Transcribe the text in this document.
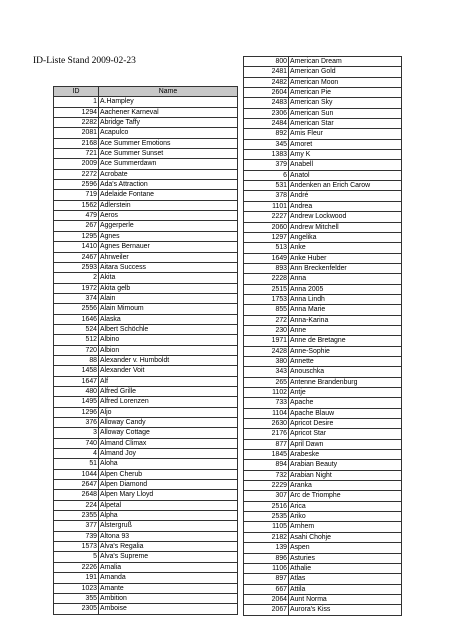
ID-Liste Stand 2009-02-23
ID	Name
1	A.Hampley
1294	Aachener Karneval
2282	Abridge Taffy
2081	Acapulco
2168	Ace Summer Emotions
721	Ace Summer Sunset
2009	Ace Summerdawn
2272	Acrobate
2596	Ada's Attraction
719	Adelaide Fontane
1562	Adlerstein
479	Aeros
267	Aggerperle
1295	Agnes
1410	Agnes Bernauer
2467	Ahrweiler
2593	Aitara Success
2	Akita
1972	Akita gelb
374	Alain
2556	Alain Mimoum
1646	Alaska
524	Albert Schöchle
512	Albino
720	Albion
88	Alexander v. Humboldt
1458	Alexander Voit
1647	Alf
480	Alfred Grille
1495	Alfred Lorenzen
1296	Aljo
376	Alloway Candy
3	Alloway Cottage
740	Almand Climax
4	Almand Joy
51	Aloha
1044	Alpen Cherub
2647	Alpen Diamond
2648	Alpen Mary Lloyd
224	Alpetal
2355	Alpha
377	Alstergruß
739	Altona 93
1573	Alva's Regalia
5	Alva's Supreme
2226	Amalia
191	Amanda
1023	Amante
355	Ambition
2305	Amboise
800	American Dream
2481	American Gold
2482	American Moon
2604	American Pie
2483	American Sky
2306	American Sun
2484	American Star
892	Amis Fleur
345	Amoret
1383	Amy K
379	Anabell
6	Anatol
531	Andenken an Erich Carow
378	André
1101	Andrea
2227	Andrew Lockwood
2060	Andrew Mitchell
1297	Angelika
513	Anke
1649	Anke Huber
893	Ann Breckenfelder
2228	Anna
2515	Anna 2005
1753	Anna Lindh
855	Anna Marie
272	Anna-Karina
230	Anne
1971	Anne de Bretagne
2428	Anne-Sophie
380	Annette
343	Anouschka
265	Antenne Brandenburg
1102	Antje
733	Apache
1104	Apache Blauw
2630	Apricot Desire
2176	Apricot Star
877	April Dawn
1845	Arabeske
894	Arabian Beauty
732	Arabian Night
2229	Aranka
307	Arc de Triomphe
2516	Arica
2535	Ariko
1105	Arnhem
2182	Asahi Chohje
139	Aspen
896	Asturies
1106	Athalie
897	Atlas
667	Attila
2064	Aunt Norma
2067	Aurora's Kiss
